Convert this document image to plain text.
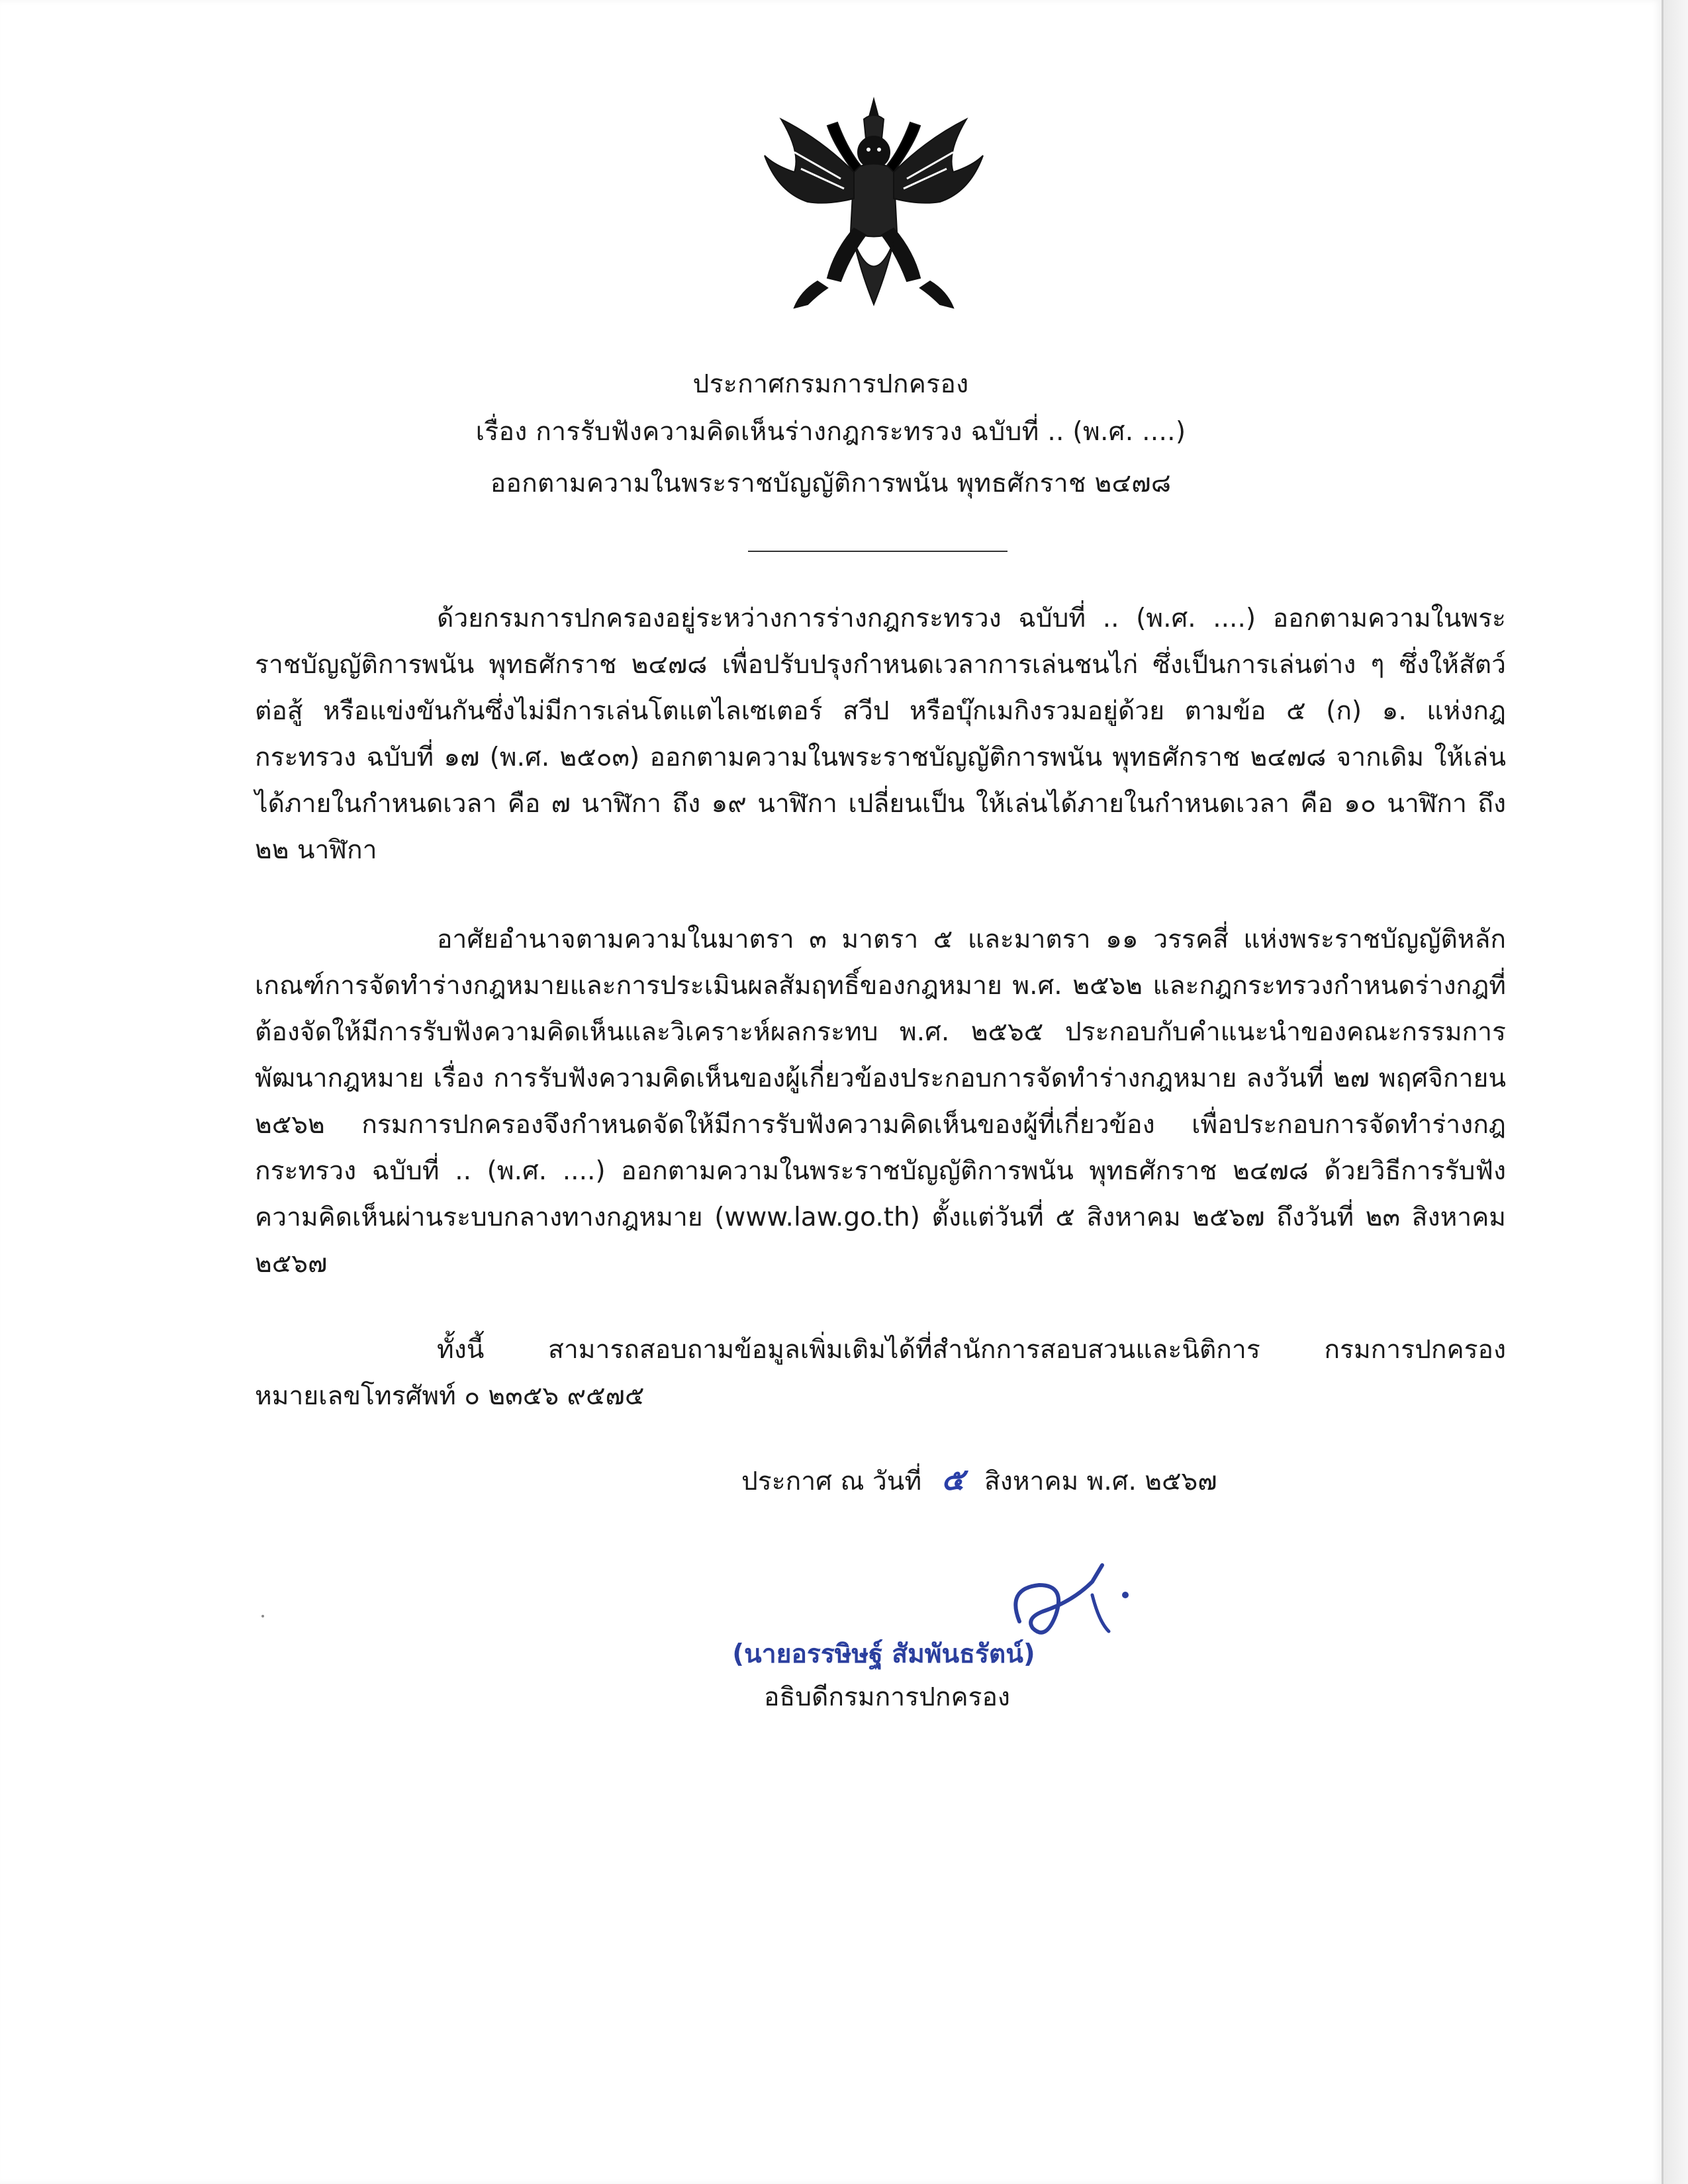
ประกาศกรมการปกครอง
เรื่อง การรับฟังความคิดเห็นร่างกฎกระทรวง ฉบับที่ .. (พ.ศ. ....)
ออกตามความในพระราชบัญญัติการพนัน พุทธศักราช ๒๔๗๘
ด้วยกรมการปกครองอยู่ระหว่างการร่างกฎกระทรวง ฉบับที่ .. (พ.ศ. ....) ออกตามความในพระราชบัญญัติการพนัน พุทธศักราช ๒๔๗๘ เพื่อปรับปรุงกำหนดเวลาการเล่นชนไก่ ซึ่งเป็นการเล่นต่าง ๆ ซึ่งให้สัตว์ต่อสู้ หรือแข่งขันกันซึ่งไม่มีการเล่นโตแตไลเซเตอร์ สวีป หรือบุ๊กเมกิงรวมอยู่ด้วย ตามข้อ ๕ (ก) ๑. แห่งกฎกระทรวง ฉบับที่ ๑๗ (พ.ศ. ๒๕๐๓) ออกตามความในพระราชบัญญัติการพนัน พุทธศักราช ๒๔๗๘ จากเดิม ให้เล่นได้ภายในกำหนดเวลา คือ ๗ นาฬิกา ถึง ๑๙ นาฬิกา เปลี่ยนเป็น ให้เล่นได้ภายในกำหนดเวลา คือ ๑๐ นาฬิกา ถึง ๒๒ นาฬิกา
อาศัยอำนาจตามความในมาตรา ๓ มาตรา ๕ และมาตรา ๑๑ วรรคสี่ แห่งพระราชบัญญัติหลักเกณฑ์การจัดทำร่างกฎหมายและการประเมินผลสัมฤทธิ์ของกฎหมาย พ.ศ. ๒๕๖๒ และกฎกระทรวงกำหนดร่างกฎที่ต้องจัดให้มีการรับฟังความคิดเห็นและวิเคราะห์ผลกระทบ พ.ศ. ๒๕๖๕ ประกอบกับคำแนะนำของคณะกรรมการพัฒนากฎหมาย เรื่อง การรับฟังความคิดเห็นของผู้เกี่ยวข้องประกอบการจัดทำร่างกฎหมาย ลงวันที่ ๒๗ พฤศจิกายน ๒๕๖๒ กรมการปกครองจึงกำหนดจัดให้มีการรับฟังความคิดเห็นของผู้ที่เกี่ยวข้อง เพื่อประกอบการจัดทำร่างกฎกระทรวง ฉบับที่ .. (พ.ศ. ....) ออกตามความในพระราชบัญญัติการพนัน พุทธศักราช ๒๔๗๘ ด้วยวิธีการรับฟังความคิดเห็นผ่านระบบกลางทางกฎหมาย (www.law.go.th) ตั้งแต่วันที่ ๕ สิงหาคม ๒๕๖๗ ถึงวันที่ ๒๓ สิงหาคม ๒๕๖๗
ทั้งนี้ สามารถสอบถามข้อมูลเพิ่มเติมได้ที่สำนักการสอบสวนและนิติการ กรมการปกครอง หมายเลขโทรศัพท์ ๐ ๒๓๕๖ ๙๕๗๕
ประกาศ ณ วันที่ ๕ สิงหาคม พ.ศ. ๒๕๖๗
(นายอรรษิษฐ์ สัมพันธรัตน์)
อธิบดีกรมการปกครอง
